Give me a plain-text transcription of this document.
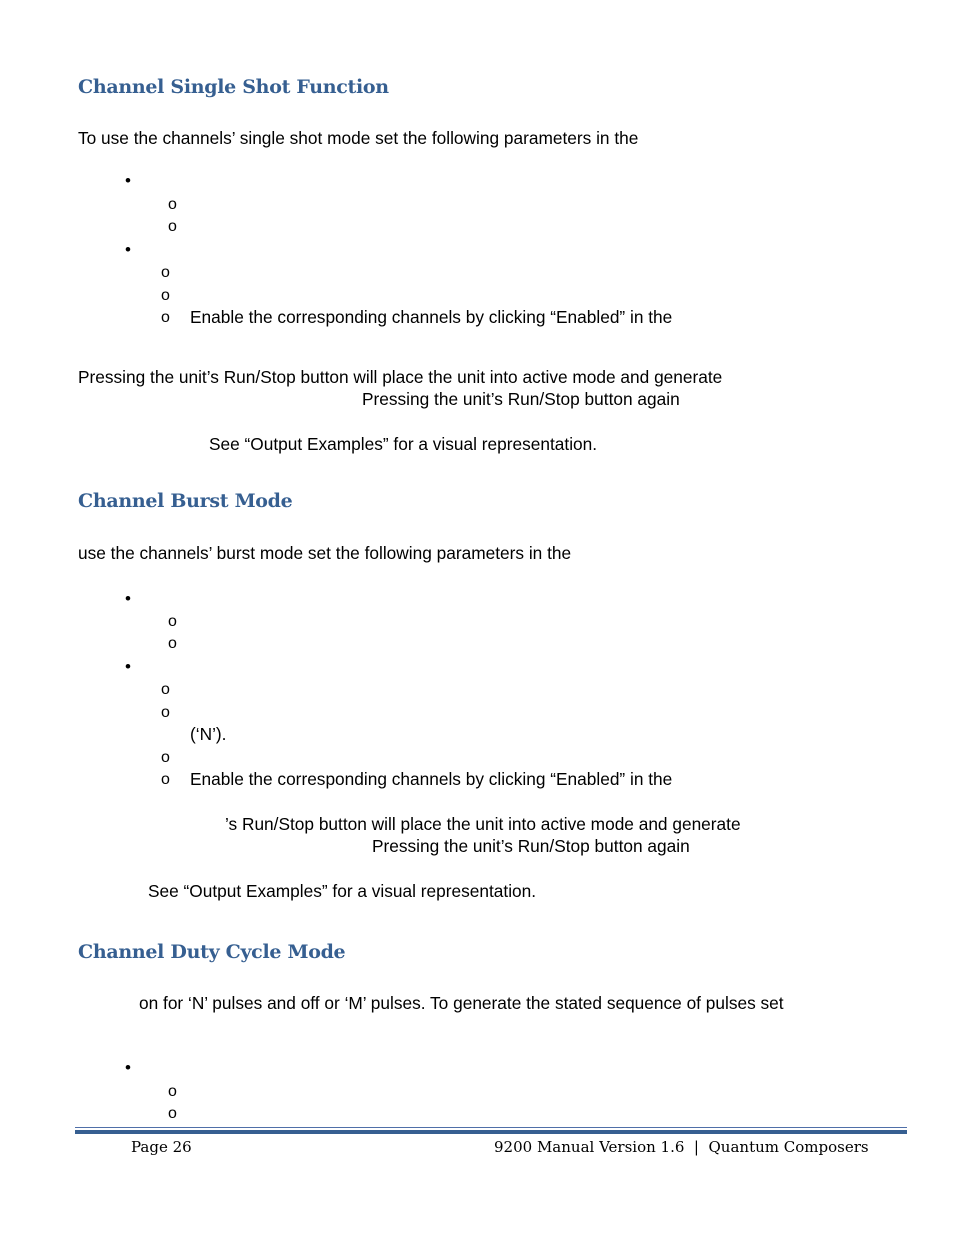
Channel Single Shot Function
To use the channels’ single shot mode set the following parameters in the
•
o
o
•
o
o
o Enable the corresponding channels by clicking “Enabled” in the
Pressing the unit’s Run/Stop button will place the unit into active mode and generate
Pressing the unit’s Run/Stop button again
See “Output Examples” for a visual representation.
Channel Burst Mode
use the channels’ burst mode set the following parameters in the
•
o
o
•
o
o
(‘N’).
o
o Enable the corresponding channels by clicking “Enabled” in the
’s Run/Stop button will place the unit into active mode and generate
Pressing the unit’s Run/Stop button again
See “Output Examples” for a visual representation.
Channel Duty Cycle Mode
on for ‘N’ pulses and off or ‘M’ pulses. To generate the stated sequence of pulses set
•
o
o
Page 26	9200 Manual Version 1.6  |  Quantum Composers
